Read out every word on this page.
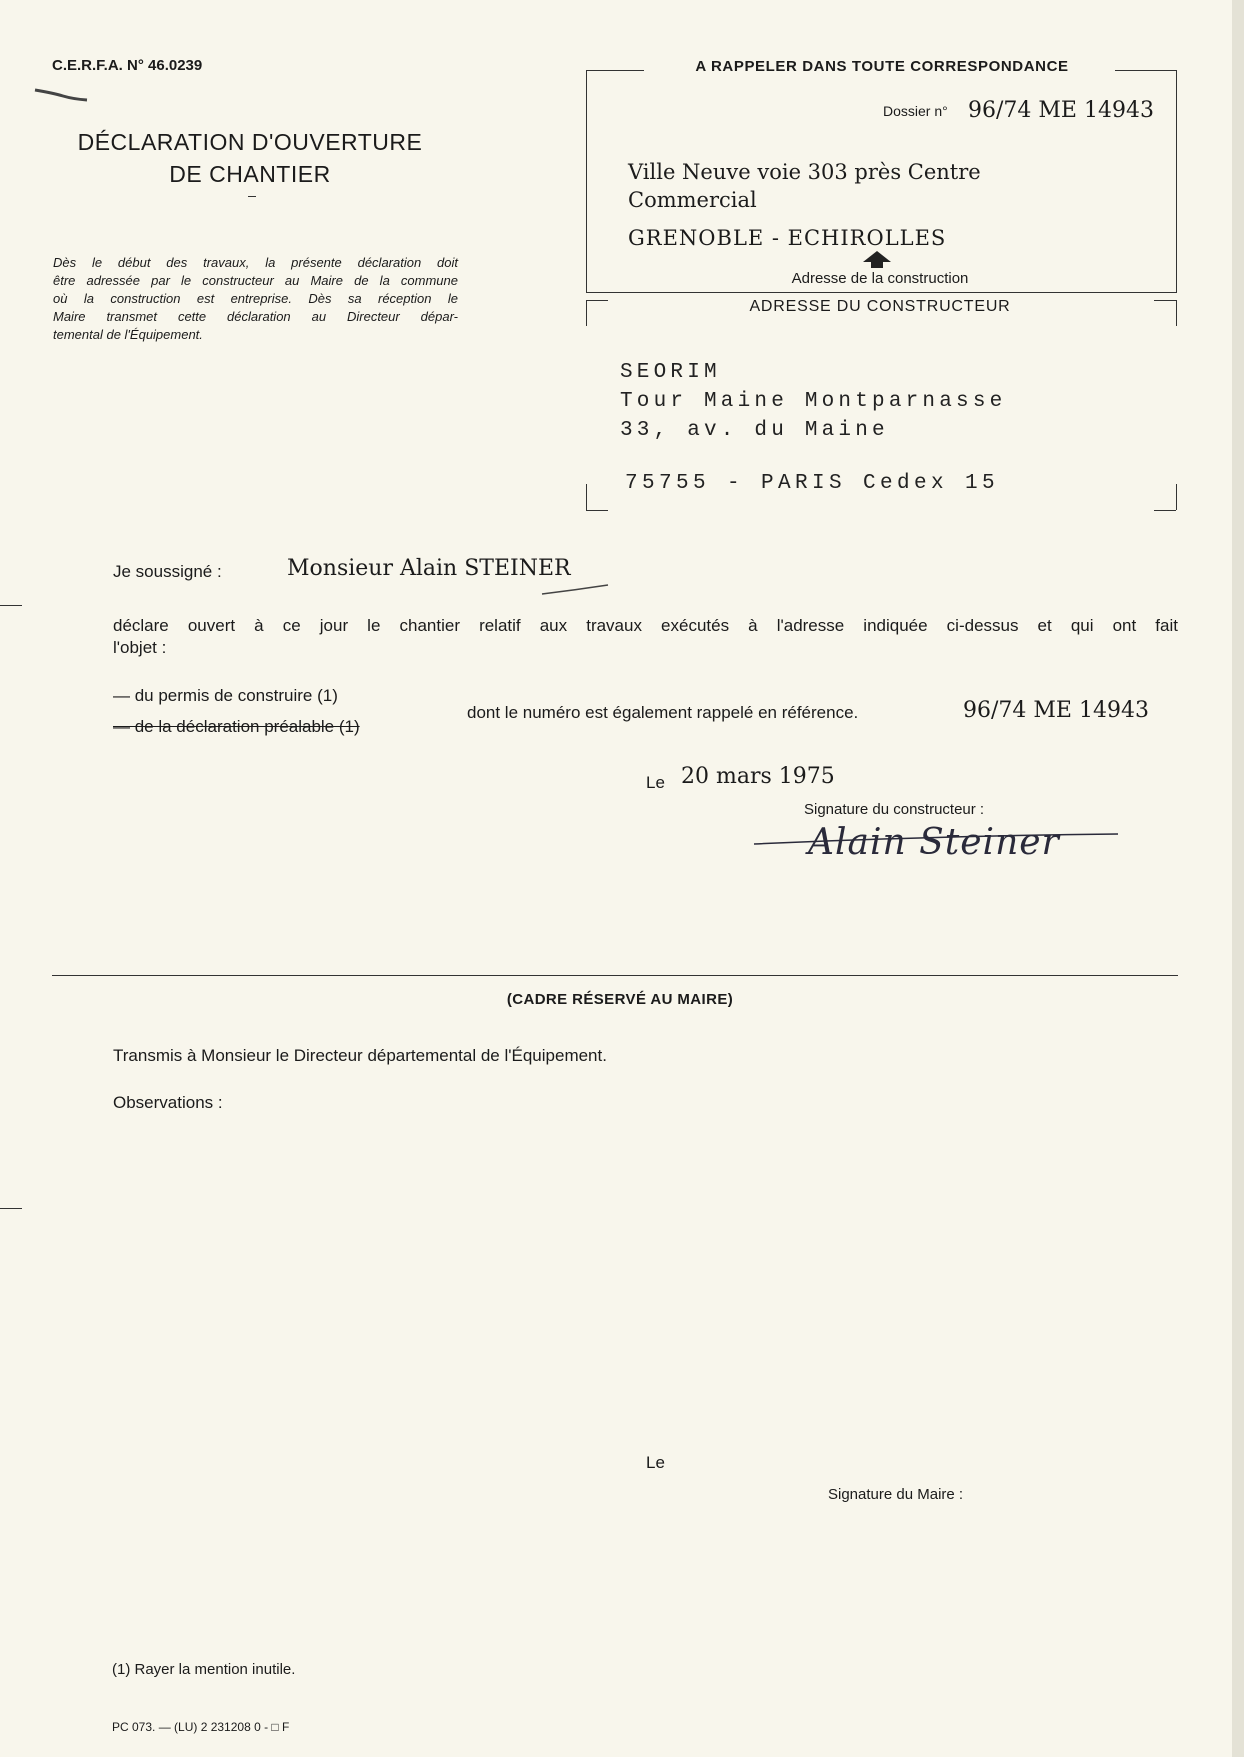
C.E.R.F.A. N° 46.0239
DÉCLARATION D'OUVERTURE
DE CHANTIER
Dès le début des travaux, la présente déclaration doit
être adressée par le constructeur au Maire de la commune
où la construction est entreprise. Dès sa réception le
Maire transmet cette déclaration au Directeur dépar-
temental de l'Équipement.
A RAPPELER DANS TOUTE CORRESPONDANCE
Dossier n° 96/74 ME 14943
Ville Neuve voie 303 près Centre
Commercial
GRENOBLE - ECHIROLLES
Adresse de la construction
ADRESSE DU CONSTRUCTEUR
SEORIM
Tour Maine Montparnasse
33, av. du Maine
75755 - PARIS Cedex 15
Je soussigné :	Monsieur Alain STEINER
déclare ouvert à ce jour le chantier relatif aux travaux exécutés à l'adresse indiquée ci-dessus et qui ont fait
l'objet :
— du permis de construire (1)
— de la déclaration préalable (1)
dont le numéro est également rappelé en référence.	96/74 ME 14943
Le 20 mars 1975
Signature du constructeur :
Alain Steiner
(CADRE RÉSERVÉ AU MAIRE)
Transmis à Monsieur le Directeur départemental de l'Équipement.
Observations :
Le
Signature du Maire :
(1) Rayer la mention inutile.
PC 073. — (LU) 2 231208 0 - □ F
